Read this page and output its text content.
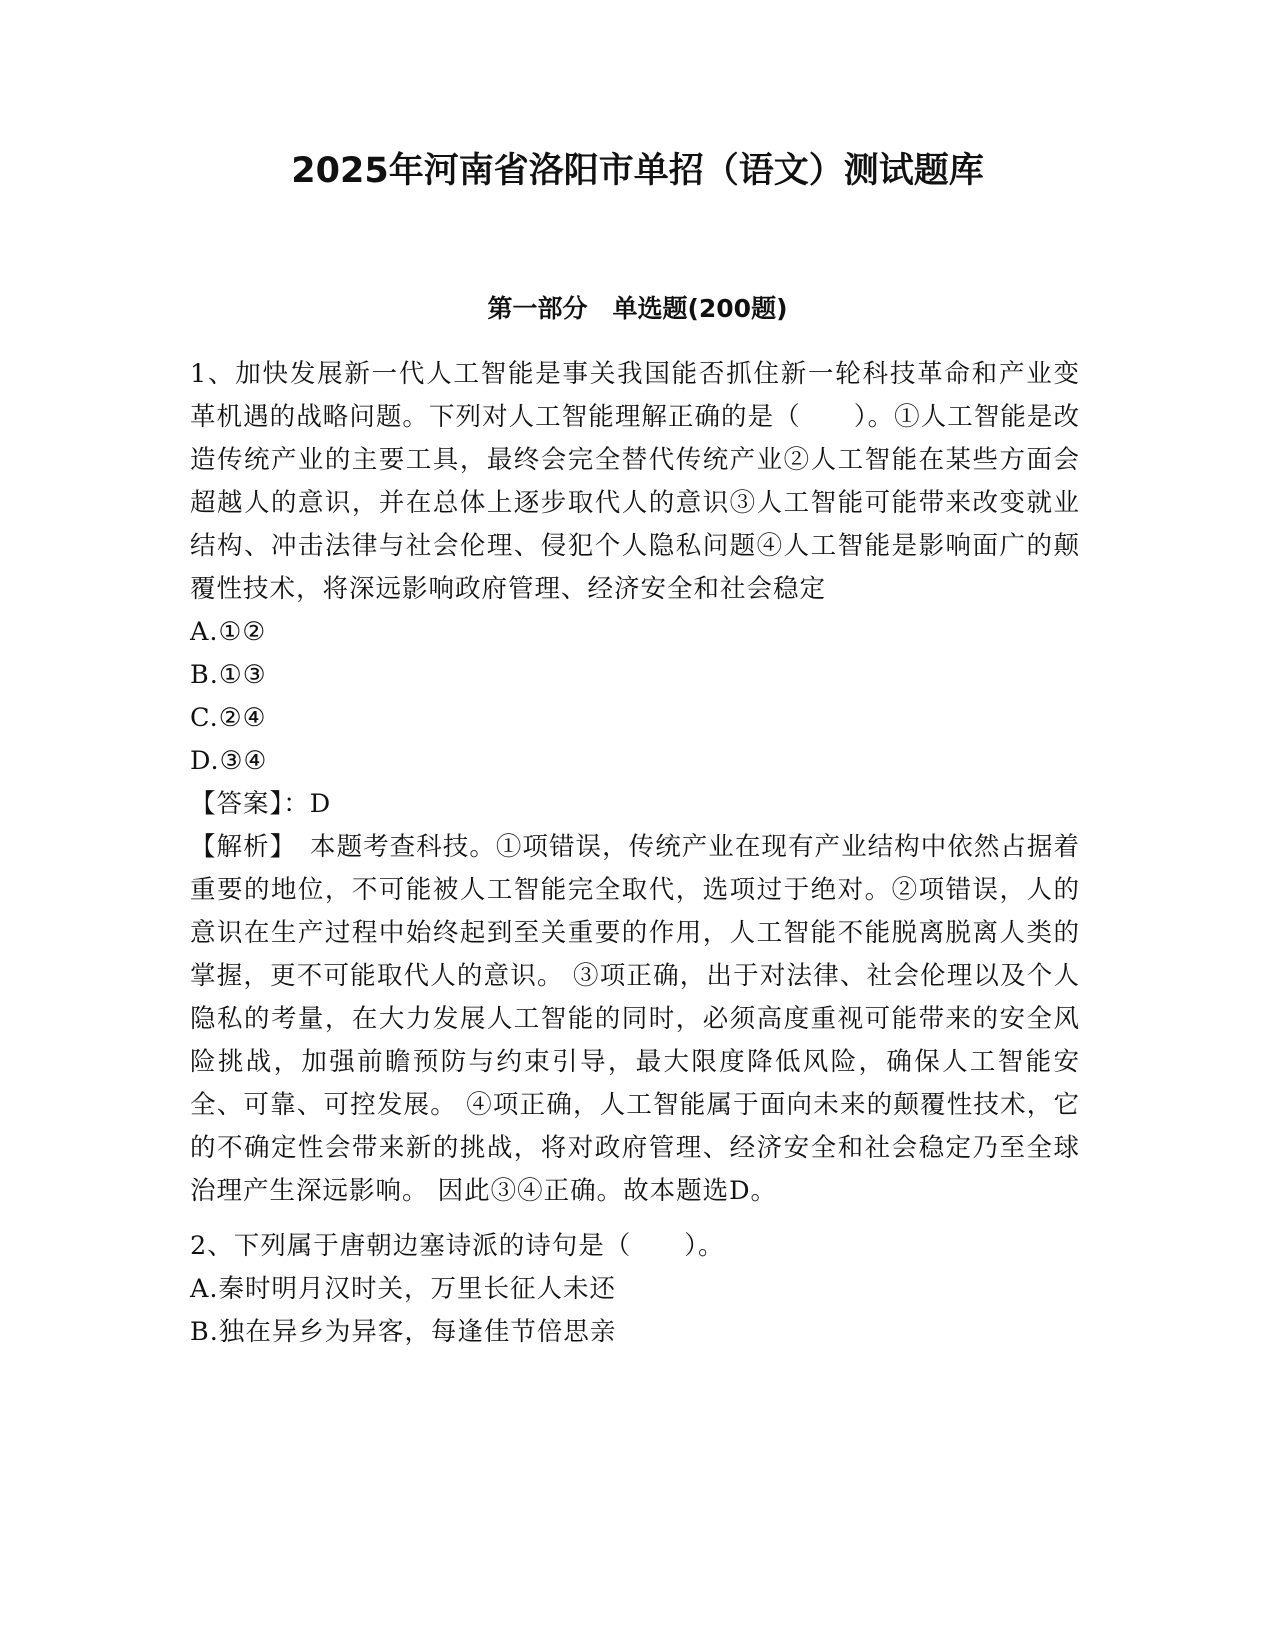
2025年河南省洛阳市单招（语文）测试题库
第一部分　单选题(200题)

1、加快发展新一代人工智能是事关我国能否抓住新一轮科技革命和产业变革机遇的战略问题。下列对人工智能理解正确的是（　　）。①人工智能是改造传统产业的主要工具，最终会完全替代传统产业②人工智能在某些方面会超越人的意识，并在总体上逐步取代人的意识③人工智能可能带来改变就业结构、冲击法律与社会伦理、侵犯个人隐私问题④人工智能是影响面广的颠覆性技术，将深远影响政府管理、经济安全和社会稳定

A.①②

B.①③

C.②④

D.③④

【答案】：D

【解析】　本题考查科技。①项错误，传统产业在现有产业结构中依然占据着重要的地位，不可能被人工智能完全取代，选项过于绝对。②项错误，人的意识在生产过程中始终起到至关重要的作用，人工智能不能脱离脱离人类的掌握，更不可能取代人的意识。 ③项正确，出于对法律、社会伦理以及个人隐私的考量，在大力发展人工智能的同时，必须高度重视可能带来的安全风险挑战，加强前瞻预防与约束引导，最大限度降低风险，确保人工智能安全、可靠、可控发展。 ④项正确，人工智能属于面向未来的颠覆性技术，它的不确定性会带来新的挑战，将对政府管理、经济安全和社会稳定乃至全球治理产生深远影响。 因此③④正确。故本题选D。

2、下列属于唐朝边塞诗派的诗句是（　　）。

A.秦时明月汉时关，万里长征人未还

B.独在异乡为异客，每逢佳节倍思亲
